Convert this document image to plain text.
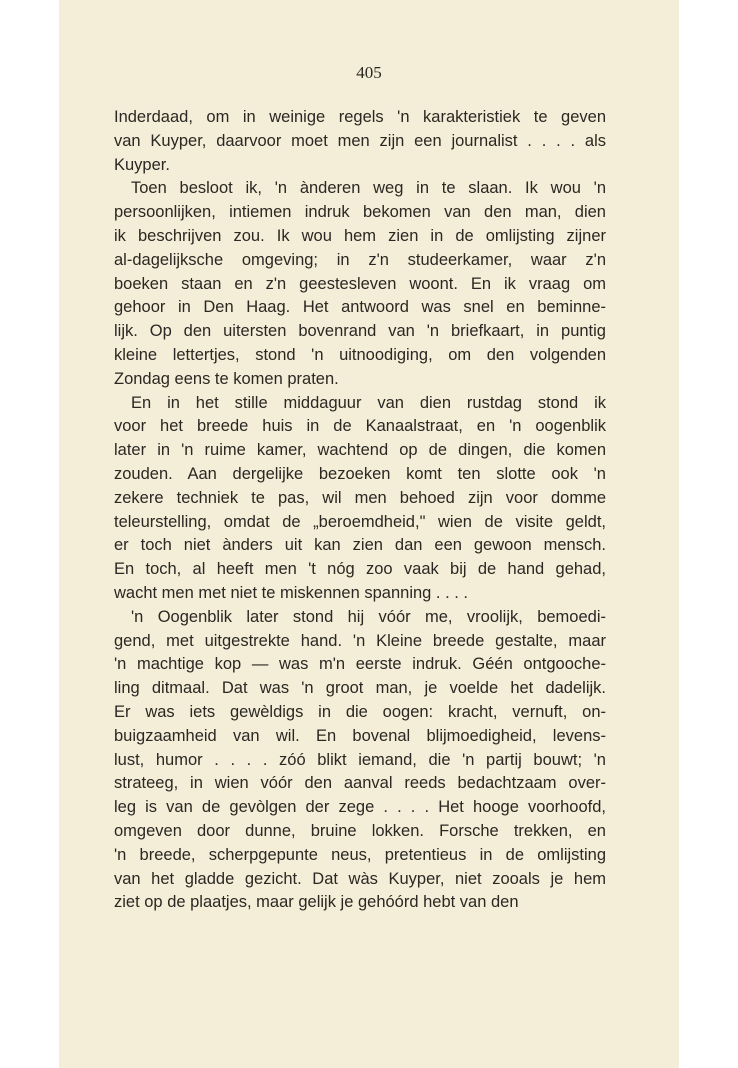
405
Inderdaad, om in weinige regels 'n karakteristiek te geven
van Kuyper, daarvoor moet men zijn een journalist . . . . als
Kuyper.
Toen besloot ik, 'n ànderen weg in te slaan. Ik wou 'n
persoonlijken, intiemen indruk bekomen van den man, dien
ik beschrijven zou. Ik wou hem zien in de omlijsting zijner
al-dagelijksche omgeving; in z'n studeerkamer, waar z'n
boeken staan en z'n geestesleven woont. En ik vraag om
gehoor in Den Haag. Het antwoord was snel en beminne-
lijk. Op den uitersten bovenrand van 'n briefkaart, in puntig
kleine lettertjes, stond 'n uitnoodiging, om den volgenden
Zondag eens te komen praten.
En in het stille middaguur van dien rustdag stond ik
voor het breede huis in de Kanaalstraat, en 'n oogenblik
later in 'n ruime kamer, wachtend op de dingen, die komen
zouden. Aan dergelijke bezoeken komt ten slotte ook 'n
zekere techniek te pas, wil men behoed zijn voor domme
teleurstelling, omdat de „beroemdheid," wien de visite geldt,
er toch niet ànders uit kan zien dan een gewoon mensch.
En toch, al heeft men 't nóg zoo vaak bij de hand gehad,
wacht men met niet te miskennen spanning . . . .
'n Oogenblik later stond hij vóór me, vroolijk, bemoedi-
gend, met uitgestrekte hand. 'n Kleine breede gestalte, maar
'n machtige kop — was m'n eerste indruk. Géén ontgooche-
ling ditmaal. Dat was 'n groot man, je voelde het dadelijk.
Er was iets gewèldigs in die oogen: kracht, vernuft, on-
buigzaamheid van wil. En bovenal blijmoedigheid, levens-
lust, humor . . . . zóó blikt iemand, die 'n partij bouwt; 'n
strateeg, in wien vóór den aanval reeds bedachtzaam over-
leg is van de gevòlgen der zege . . . . Het hooge voorhoofd,
omgeven door dunne, bruine lokken. Forsche trekken, en
'n breede, scherpgepunte neus, pretentieus in de omlijsting
van het gladde gezicht. Dat wàs Kuyper, niet zooals je hem
ziet op de plaatjes, maar gelijk je gehóórd hebt van den
